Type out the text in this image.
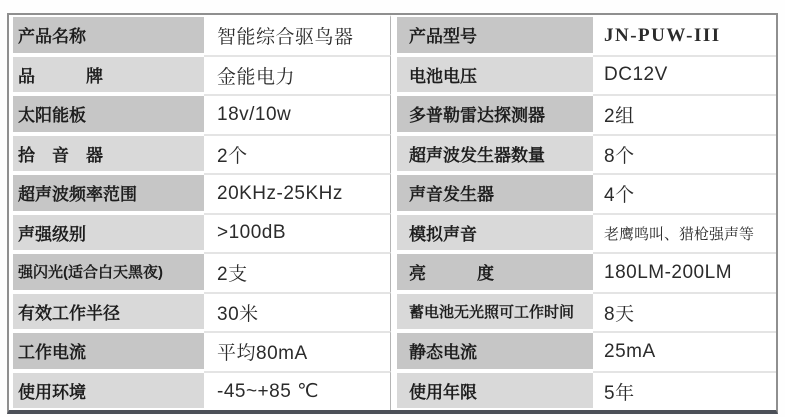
产品名称	智能综合驱鸟器	产品型号	JN-PUW-III
品　　　牌	金能电力	电池电压	DC12V
太阳能板	18v/10w	多普勒雷达探测器	2组
拾　音　器	2个	超声波发生器数量	8个
超声波频率范围	20KHz-25KHz	声音发生器	4个
声强级别	>100dB	模拟声音	老鹰鸣叫、猎枪强声等
强闪光(适合白天黑夜)	2支	亮　　　度	180LM-200LM
有效工作半径	30米	蓄电池无光照可工作时间 8天
工作电流	平均80mA	静态电流	25mA
使用环境	-45~+85 ℃	使用年限	5年
